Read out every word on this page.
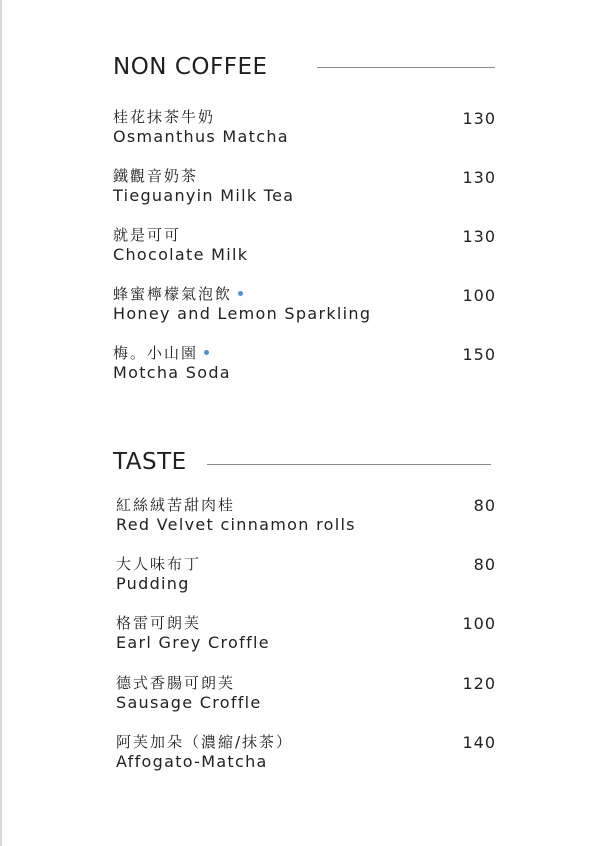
NON COFFEE
桂花抹茶牛奶
Osmanthus Matcha
130
鐵觀音奶茶
Tieguanyin Milk Tea
130
就是可可
Chocolate Milk
130
蜂蜜檸檬氣泡飲
Honey and Lemon Sparkling
100
梅。小山園
Motcha Soda
150
TASTE
紅絲絨苦甜肉桂
Red Velvet cinnamon rolls
80
大人味布丁
Pudding
80
格雷可朗芙
Earl Grey Croffle
100
德式香腸可朗芙
Sausage Croffle
120
阿芙加朵（濃縮/抹茶）
Affogato-Matcha
140
